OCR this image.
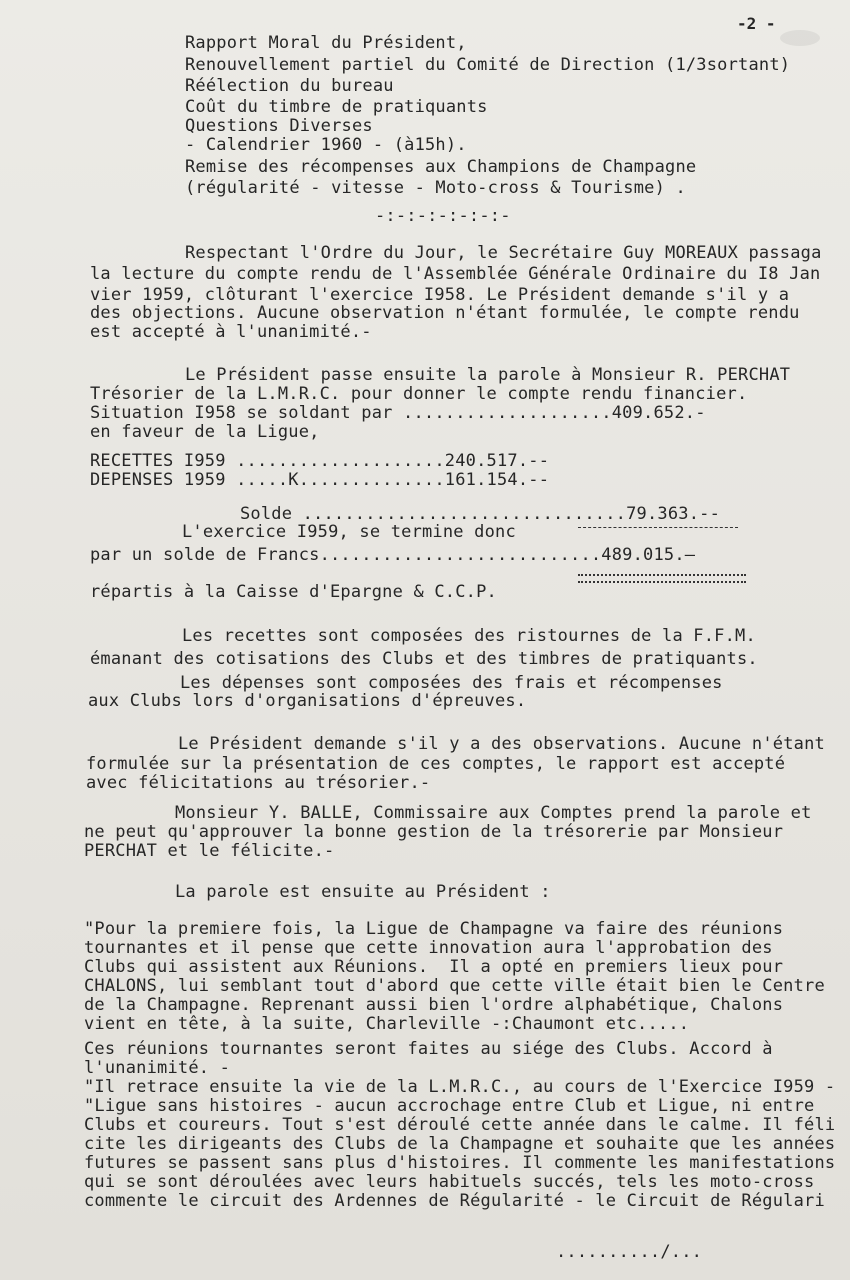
-2 -
Rapport Moral du Président,
Renouvellement partiel du Comité de Direction (1/3sortant)
Réélection du bureau
Coût du timbre de pratiquants
Questions Diverses
- Calendrier 1960 - (à15h).
Remise des récompenses aux Champions de Champagne
(régularité - vitesse - Moto-cross & Tourisme) .
-:-:-:-:-:-:-
Respectant l'Ordre du Jour, le Secrétaire Guy MOREAUX passaga
la lecture du compte rendu de l'Assemblée Générale Ordinaire du I8 Jan
vier 1959, clôturant l'exercice I958. Le Président demande s'il y a
des objections. Aucune observation n'étant formulée, le compte rendu
est accepté à l'unanimité.-
Le Président passe ensuite la parole à Monsieur R. PERCHAT
Trésorier de la L.M.R.C. pour donner le compte rendu financier.
Situation I958 se soldant par ....................409.652.-
en faveur de la Ligue,
RECETTES I959 ....................240.517.--
DEPENSES 1959 .....K..............161.154.--
Solde ...............................79.363.--
L'exercice I959, se termine donc
par un solde de Francs...........................489.015.—
répartis à la Caisse d'Epargne & C.C.P.
Les recettes sont composées des ristournes de la F.F.M.
émanant des cotisations des Clubs et des timbres de pratiquants.
Les dépenses sont composées des frais et récompenses
aux Clubs lors d'organisations d'épreuves.
Le Président demande s'il y a des observations. Aucune n'étant
formulée sur la présentation de ces comptes, le rapport est accepté
avec félicitations au trésorier.-
Monsieur Y. BALLE, Commissaire aux Comptes prend la parole et
ne peut qu'approuver la bonne gestion de la trésorerie par Monsieur
PERCHAT et le félicite.-
La parole est ensuite au Président :
"Pour la premiere fois, la Ligue de Champagne va faire des réunions
tournantes et il pense que cette innovation aura l'approbation des
Clubs qui assistent aux Réunions.  Il a opté en premiers lieux pour
CHALONS, lui semblant tout d'abord que cette ville était bien le Centre
de la Champagne. Reprenant aussi bien l'ordre alphabétique, Chalons
vient en tête, à la suite, Charleville -:Chaumont etc.....
Ces réunions tournantes seront faites au siége des Clubs. Accord à
l'unanimité. -
"Il retrace ensuite la vie de la L.M.R.C., au cours de l'Exercice I959 -
"Ligue sans histoires - aucun accrochage entre Club et Ligue, ni entre
Clubs et coureurs. Tout s'est déroulé cette année dans le calme. Il féli
cite les dirigeants des Clubs de la Champagne et souhaite que les années
futures se passent sans plus d'histoires. Il commente les manifestations
qui se sont déroulées avec leurs habituels succés, tels les moto-cross
commente le circuit des Ardennes de Régularité - le Circuit de Régulari
........../...
